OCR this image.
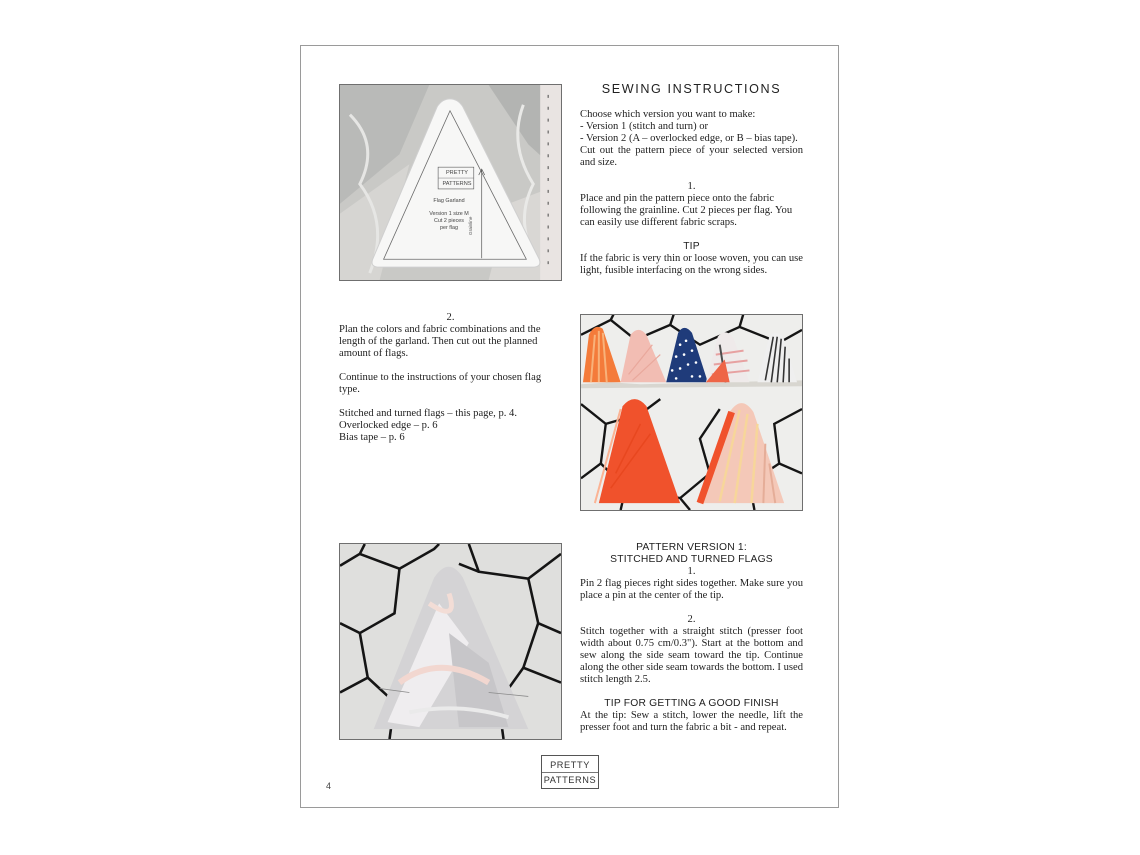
PRETTY
PATTERNS
Flag Garland
Version 1 size M
Cut 2 pieces
per flag	Grainline
SEWING INSTRUCTIONS

Choose which version you want to make:

- Version 1 (stitch and turn) or

- Version 2 (A – overlocked edge, or B – bias tape).

Cut out the pattern piece of your selected version and size.

1.

Place and pin the pattern piece onto the fabric following the grainline. Cut 2 pieces per flag. You can easily use different fabric scraps.

TIP

If the fabric is very thin or loose woven, you can use light, fusible interfacing on the wrong sides.

2.

Plan the colors and fabric combinations and the length of the garland. Then cut out the planned amount of flags.

Continue to the instructions of your chosen flag type.

Stitched and turned flags – this page, p. 4.

Overlocked edge – p. 6

Bias tape – p. 6

PATTERN VERSION 1:

STITCHED AND TURNED FLAGS

1.

Pin 2 flag pieces right sides together. Make sure you place a pin at the center of the tip.

2.

Stitch together with a straight stitch (presser foot width about 0.75 cm/0.3"). Start at the bottom and sew along the side seam toward the tip. Continue along the other side seam towards the bottom. I used stitch length 2.5.

TIP FOR GETTING A GOOD FINISH

At the tip: Sew a stitch, lower the needle, lift the presser foot and turn the fabric a bit - and repeat.

PRETTY
PATTERNS
4
